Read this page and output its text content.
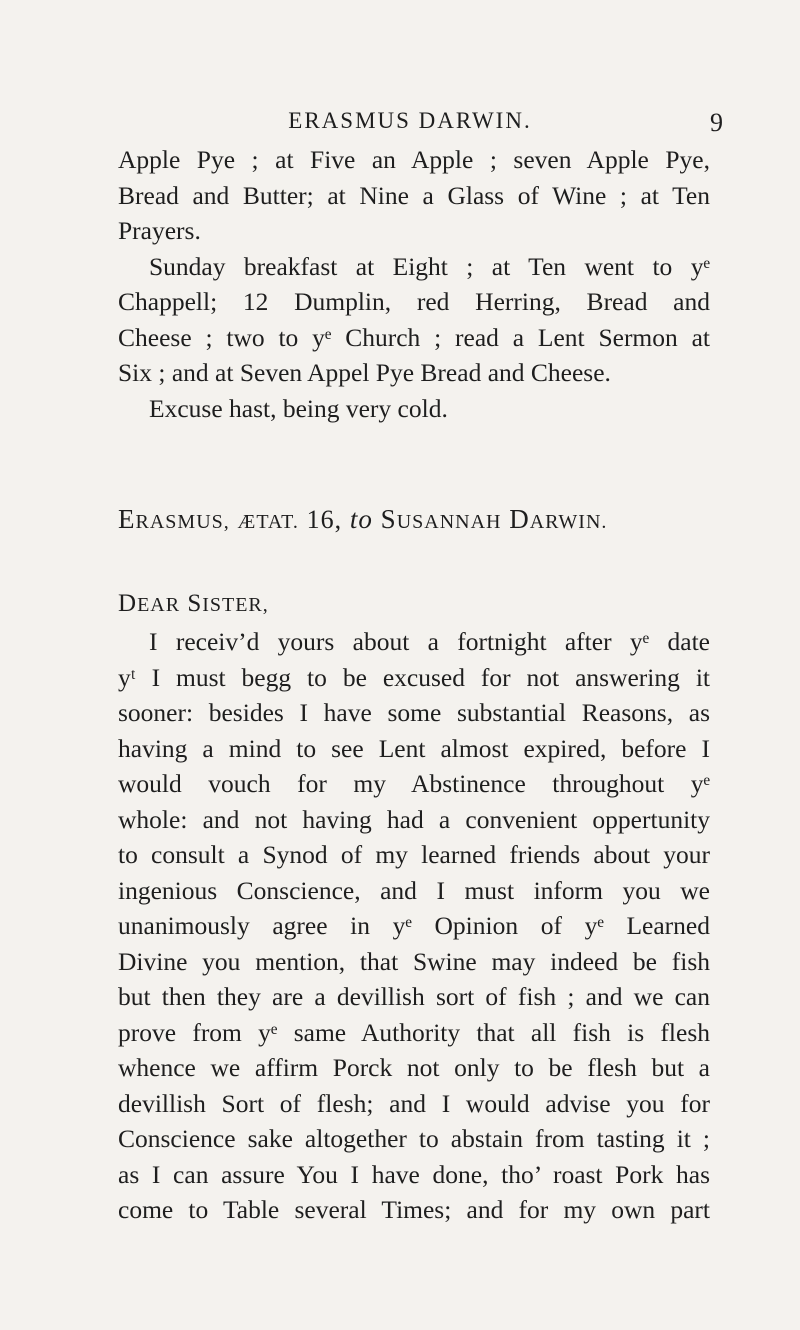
ERASMUS DARWIN.	9

Apple Pye ; at Five an Apple ; seven Apple Pye,

Bread and Butter; at Nine a Glass of Wine ; at Ten

Prayers.

Sunday breakfast at Eight ; at Ten went to yᵉ

Chappell; 12 Dumplin, red Herring, Bread and

Cheese ; two to yᵉ Church ; read a Lent Sermon at

Six ; and at Seven Appel Pye Bread and Cheese.

Excuse hast, being very cold.

ERASMUS, ÆTAT. 16, to SUSANNAH DARWIN.
DEAR SISTER,

I receiv’d yours about a fortnight after yᵉ date

yᵗ I must begg to be excused for not answering it

sooner: besides I have some substantial Reasons, as

having a mind to see Lent almost expired, before I

would vouch for my Abstinence throughout yᵉ

whole: and not having had a convenient oppertunity

to consult a Synod of my learned friends about your

ingenious Conscience, and I must inform you we

unanimously agree in yᵉ Opinion of yᵉ Learned

Divine you mention, that Swine may indeed be fish

but then they are a devillish sort of fish ; and we can

prove from yᵉ same Authority that all fish is flesh

whence we affirm Porck not only to be flesh but a

devillish Sort of flesh; and I would advise you for

Conscience sake altogether to abstain from tasting it ;

as I can assure You I have done, tho’ roast Pork has

come to Table several Times; and for my own part
